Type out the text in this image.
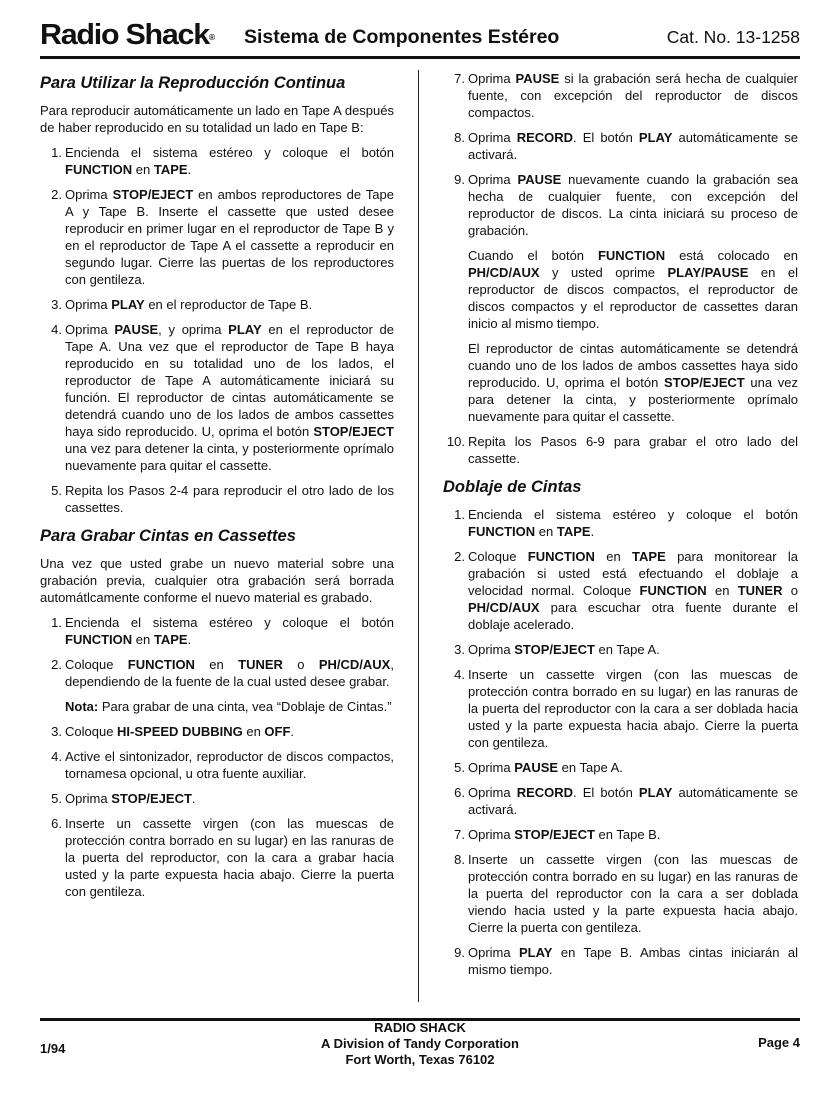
Radio Shack® Sistema de Componentes Estéreo	Cat. No. 13-1258
Para Utilizar la Reproducción Continua

Para reproducir automáticamente un lado en Tape A después de haber reproducido en su totalidad un lado en Tape B:

1. Encienda el sistema estéreo y coloque el botón FUNCTION en TAPE.

2. Oprima STOP/EJECT en ambos reproductores de Tape A y Tape B. Inserte el cassette que usted desee reproducir en primer lugar en el reproductor de Tape B y en el reproductor de Tape A el cassette a reproducir en segundo lugar. Cierre las puertas de los reproductores con gentileza.

3. Oprima PLAY en el reproductor de Tape B.

4. Oprima PAUSE, y oprima PLAY en el reproductor de Tape A. Una vez que el reproductor de Tape B haya reproducido en su totalidad uno de los lados, el reproductor de Tape A automáticamente iniciará su función. El reproductor de cintas automáticamente se detendrá cuando uno de los lados de ambos cassettes haya sido reproducido. U, oprima el botón STOP/EJECT una vez para detener la cinta, y posteriormente oprímalo nuevamente para quitar el cassette.

5. Repita los Pasos 2-4 para reproducir el otro lado de los cassettes.

Para Grabar Cintas en Cassettes

Una vez que usted grabe un nuevo material sobre una grabación previa, cualquier otra grabación será borrada automátlcamente conforme el nuevo material es grabado.

1. Encienda el sistema estéreo y coloque el botón FUNCTION en TAPE.

2. Coloque FUNCTION en TUNER o PH/CD/AUX, dependiendo de la fuente de la cual usted desee grabar.

Nota: Para grabar de una cinta, vea “Doblaje de Cintas.”

3. Coloque HI-SPEED DUBBING en OFF.

4. Active el sintonizador, reproductor de discos compactos, tornamesa opcional, u otra fuente auxiliar.

5. Oprima STOP/EJECT.

6. Inserte un cassette virgen (con las muescas de protección contra borrado en su lugar) en las ranuras de la puerta del reproductor, con la cara a grabar hacia usted y la parte expuesta hacia abajo. Cierre la puerta con gentileza.

7. Oprima PAUSE si la grabación será hecha de cualquier fuente, con excepción del reproductor de discos compactos.

8. Oprima RECORD. El botón PLAY automáticamente se activará.

9. Oprima PAUSE nuevamente cuando la grabación sea hecha de cualquier fuente, con excepción del reproductor de discos. La cinta iniciará su proceso de grabación.

Cuando el botón FUNCTION está colocado en PH/CD/AUX y usted oprime PLAY/PAUSE en el reproductor de discos compactos, el reproductor de discos compactos y el reproductor de cassettes daran inicio al mismo tiempo.

El reproductor de cintas automáticamente se detendrá cuando uno de los lados de ambos cassettes haya sido reproducido. U, oprima el botón STOP/EJECT una vez para detener la cinta, y posteriormente oprímalo nuevamente para quitar el cassette.

10. Repita los Pasos 6-9 para grabar el otro lado del cassette.

Doblaje de Cintas
1. Encienda el sistema estéreo y coloque el botón FUNCTION en TAPE.

2. Coloque FUNCTION en TAPE para monitorear la grabación si usted está efectuando el doblaje a velocidad normal. Coloque FUNCTION en TUNER o PH/CD/AUX para escuchar otra fuente durante el doblaje acelerado.

3. Oprima STOP/EJECT en Tape A.

4. Inserte un cassette virgen (con las muescas de protección contra borrado en su lugar) en las ranuras de la puerta del reproductor con la cara a ser doblada hacia usted y la parte expuesta hacia abajo. Cierre la puerta con gentileza.

5. Oprima PAUSE en Tape A.

6. Oprima RECORD. El botón PLAY automáticamente se activará.

7. Oprima STOP/EJECT en Tape B.

8. Inserte un cassette virgen (con las muescas de protección contra borrado en su lugar) en las ranuras de la puerta del reproductor con la cara a ser doblada viendo hacia usted y la parte expuesta hacia abajo. Cierre la puerta con gentileza.

9. Oprima PLAY en Tape B. Ambas cintas iniciarán al mismo tiempo.

1/94
RADIO SHACK
A Division of Tandy Corporation
Fort Worth, Texas 76102
Page 4
